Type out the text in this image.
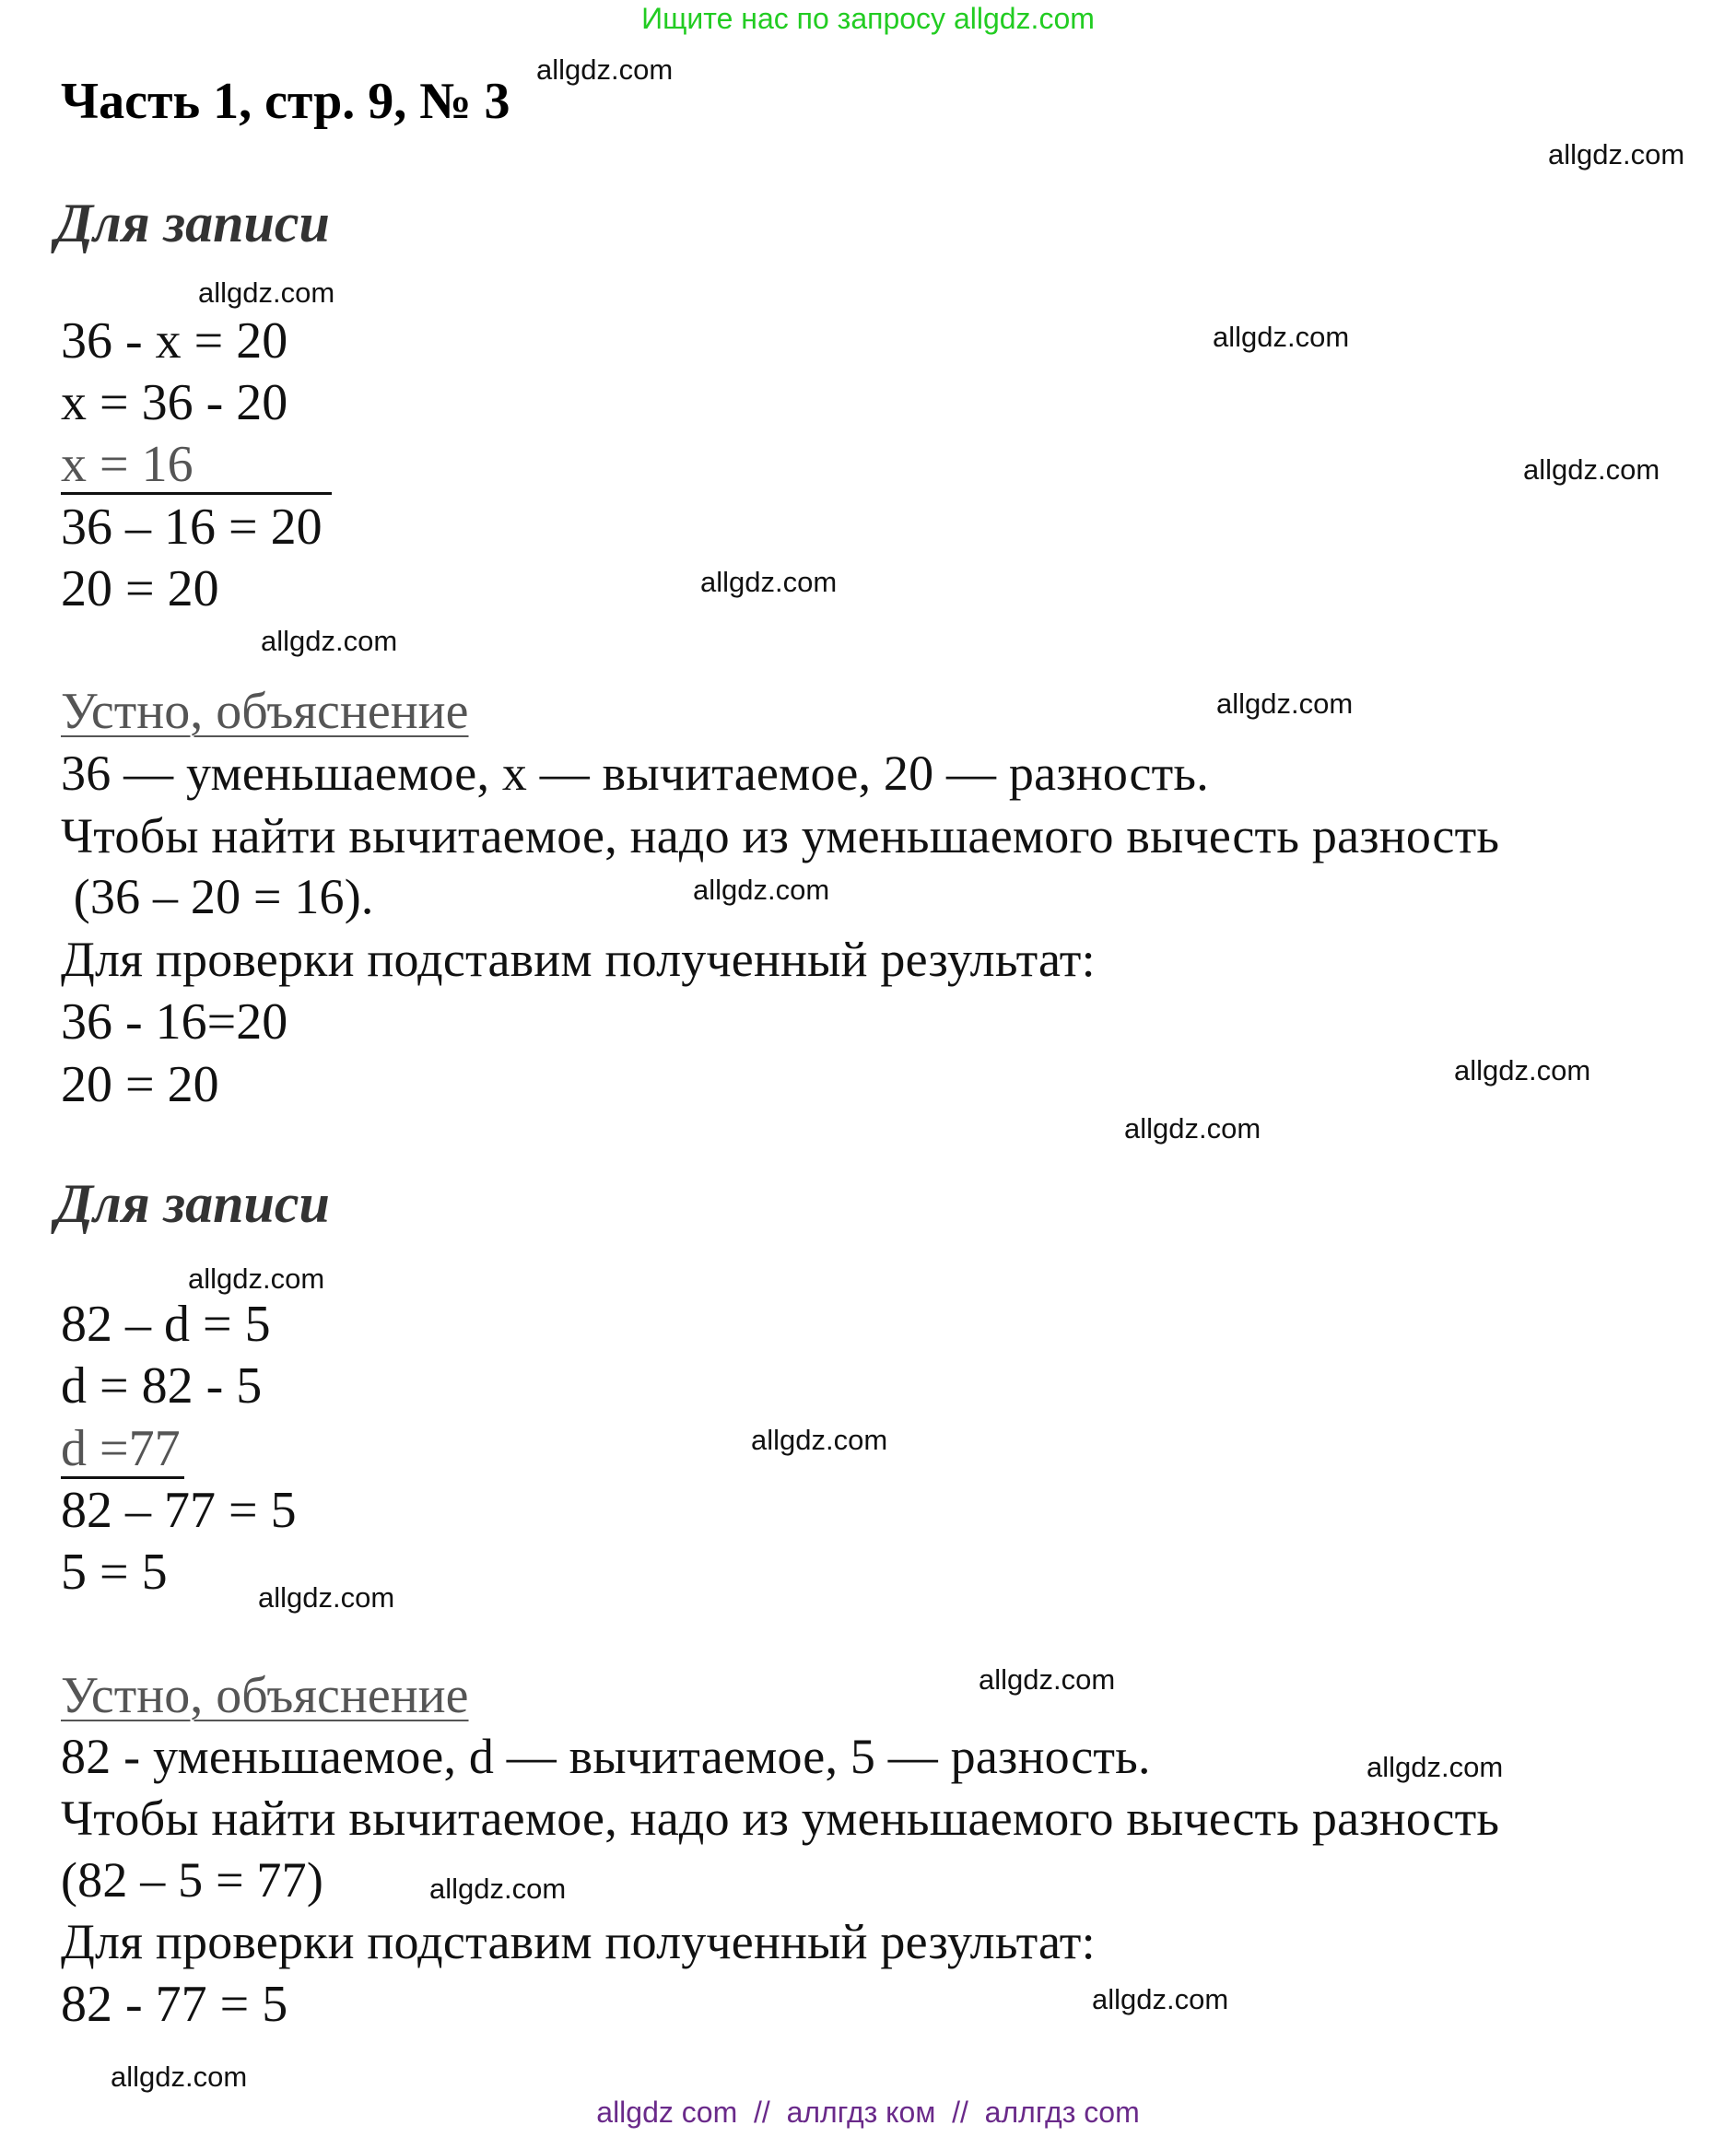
Ищите нас по запросу allgdz.com
Часть 1, стр. 9, № 3
Для записи
36 - x = 20
x = 36 - 20
x = 16
36 – 16 = 20
20 = 20
Устно, объяснение
36 — уменьшаемое, x — вычитаемое, 20 — разность.
Чтобы найти вычитаемое, надо из уменьшаемого вычесть разность
(36 – 20 = 16).
Для проверки подставим полученный результат:
36 - 16=20
20 = 20
Для записи
82 – d = 5
d = 82 - 5
d =77
82 – 77 = 5
5 = 5
Устно, объяснение
82 - уменьшаемое, d — вычитаемое, 5 — разность.
Чтобы найти вычитаемое, надо из уменьшаемого вычесть разность
(82 – 5 = 77)
Для проверки подставим полученный результат:
82 - 77 = 5
allgdz.com
allgdz.com
allgdz.com
allgdz.com
allgdz.com
allgdz.com
allgdz.com
allgdz.com
allgdz.com
allgdz.com
allgdz.com
allgdz.com
allgdz.com
allgdz.com
allgdz.com
allgdz.com
allgdz.com
allgdz.com
allgdz.com
allgdz com  //  аллгдз ком  //  аллгдз com
